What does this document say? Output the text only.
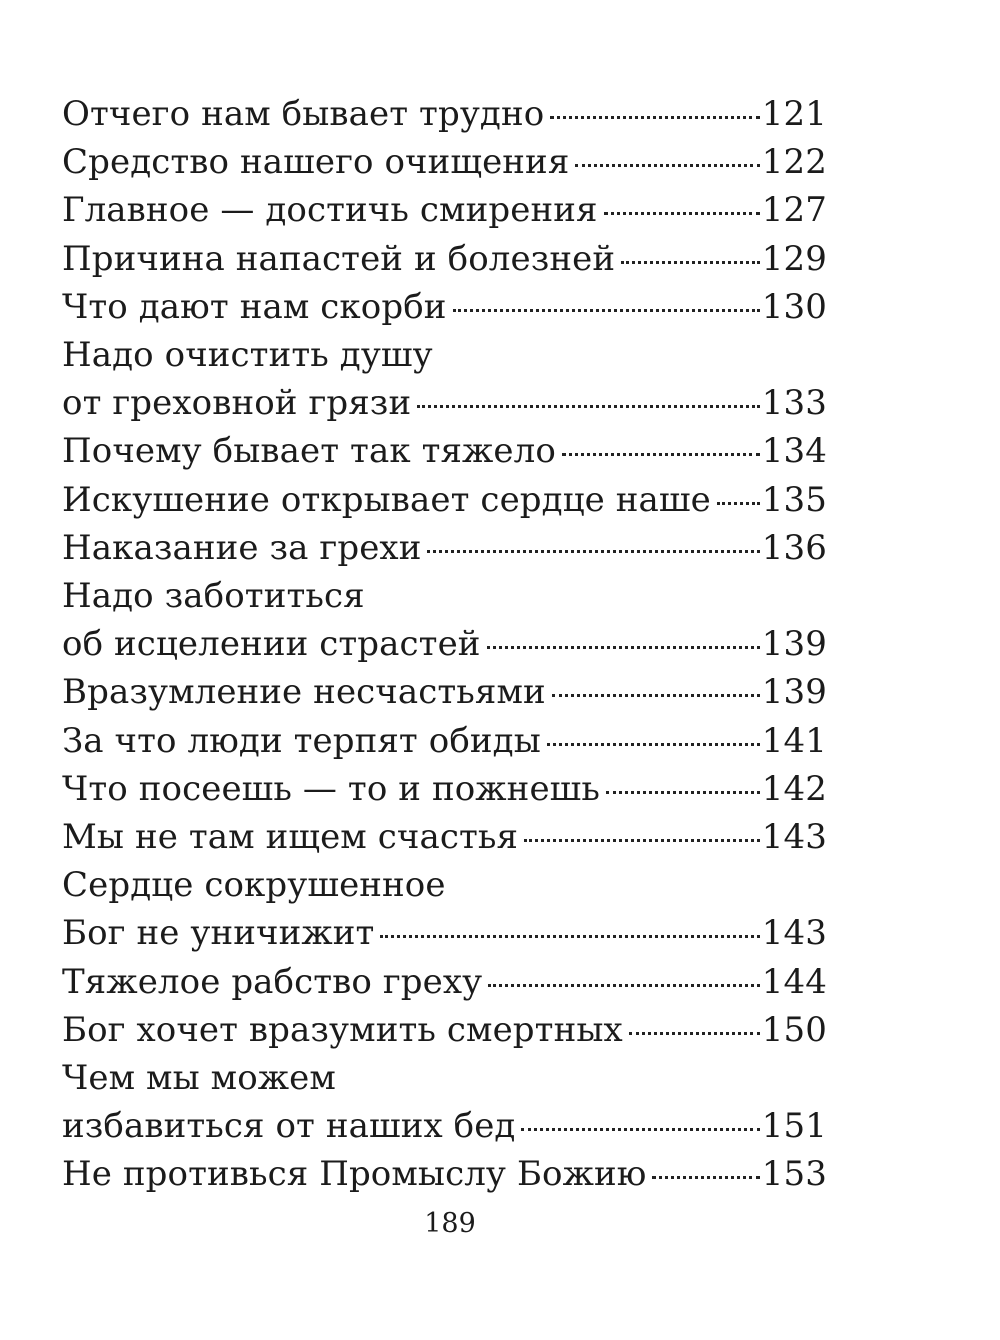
Отчего нам бывает трудно	121
Средство нашего очищения	122
Главное — достичь смирения	127
Причина напастей и болезней	129
Что дают нам скорби	130
Надо очистить душу
от греховной грязи	133
Почему бывает так тяжело	134
Искушение открывает сердце наше 135
Наказание за грехи	136
Надо заботиться
об исцелении страстей	139
Вразумление несчастьями	139
За что люди терпят обиды	141
Что посеешь — то и пожнешь	142
Мы не там ищем счастья	143
Сердце сокрушенное
Бог не уничижит	143
Тяжелое рабство греху	144
Бог хочет вразумить смертных	150
Чем мы можем
избавиться от наших бед	151
Не противься Промыслу Божию	153
189
